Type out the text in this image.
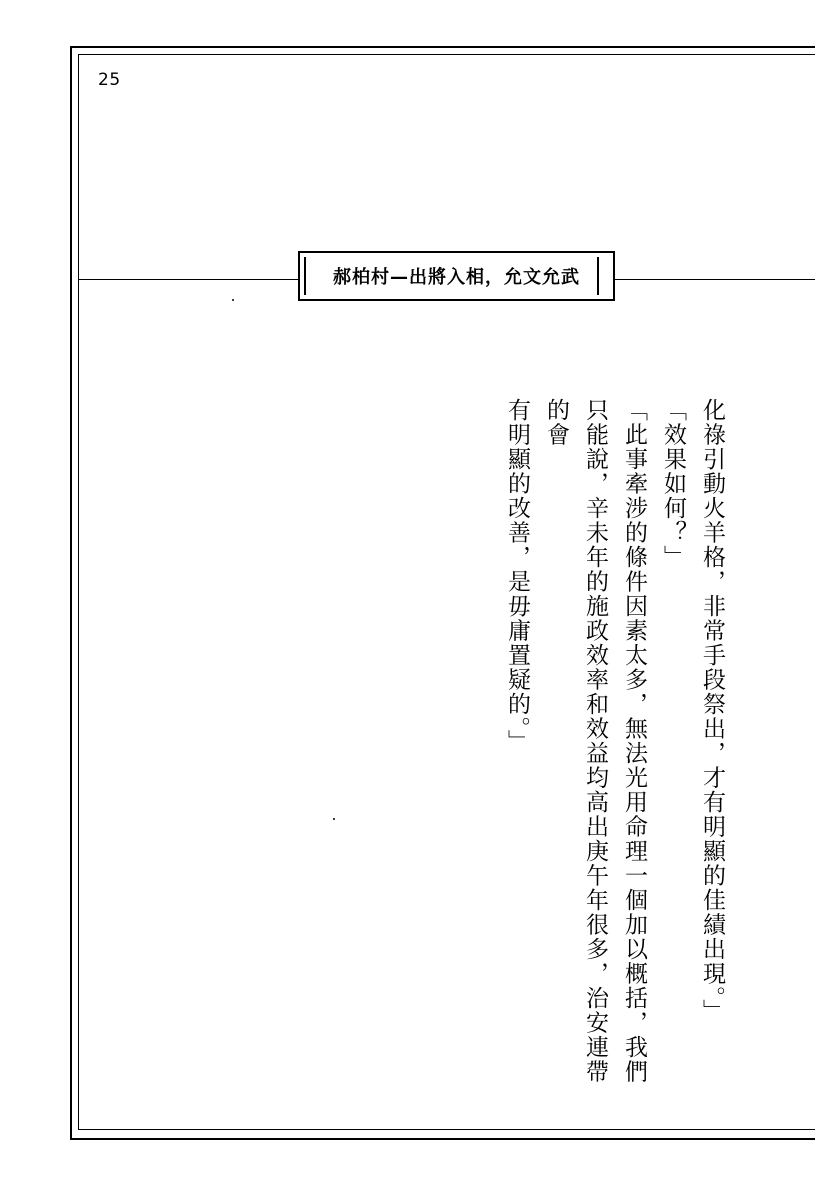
25
郝柏村—出將入相，允文允武

化祿引動火羊格，非常手段祭出，才有明顯的佳績出現。」

「效果如何？」

「此事牽涉的條件因素太多，無法光用命理一個加以概括，我們

只能說，辛未年的施政效率和效益均高出庚午年很多，治安連帶的會

有明顯的改善，是毋庸置疑的。」
